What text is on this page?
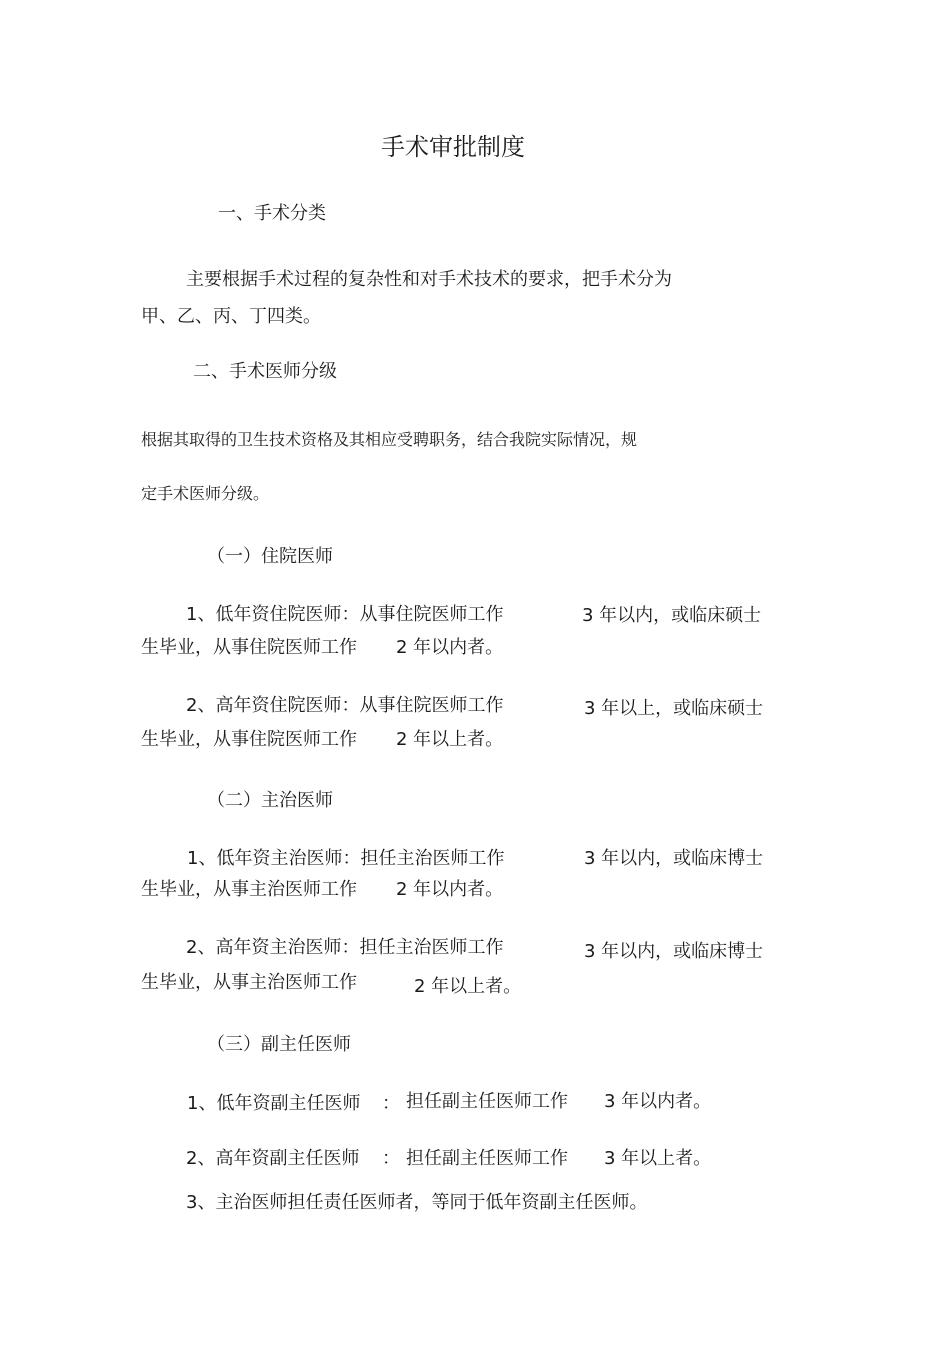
手术审批制度
一、手术分类
主要根据手术过程的复杂性和对手术技术的要求，把手术分为
甲、乙、丙、丁四类。
二、手术医师分级
根据其取得的卫生技术资格及其相应受聘职务，结合我院实际情况，规
定手术医师分级。
（一）住院医师
1、低年资住院医师：从事住院医师工作	3 年以内，或临床硕士
生毕业，从事住院医师工作 2 年以内者。
2、高年资住院医师：从事住院医师工作	3 年以上，或临床硕士
生毕业，从事住院医师工作 2 年以上者。
（二）主治医师
1、低年资主治医师：担任主治医师工作	3 年以内，或临床博士
生毕业，从事主治医师工作 2 年以内者。
2、高年资主治医师：担任主治医师工作	3 年以内，或临床博士
生毕业，从事主治医师工作	2 年以上者。
（三）副主任医师
1、低年资副主任医师 ： 担任副主任医师工作 3 年以内者。
2、高年资副主任医师 ： 担任副主任医师工作 3 年以上者。
3、主治医师担任责任医师者，等同于低年资副主任医师。
